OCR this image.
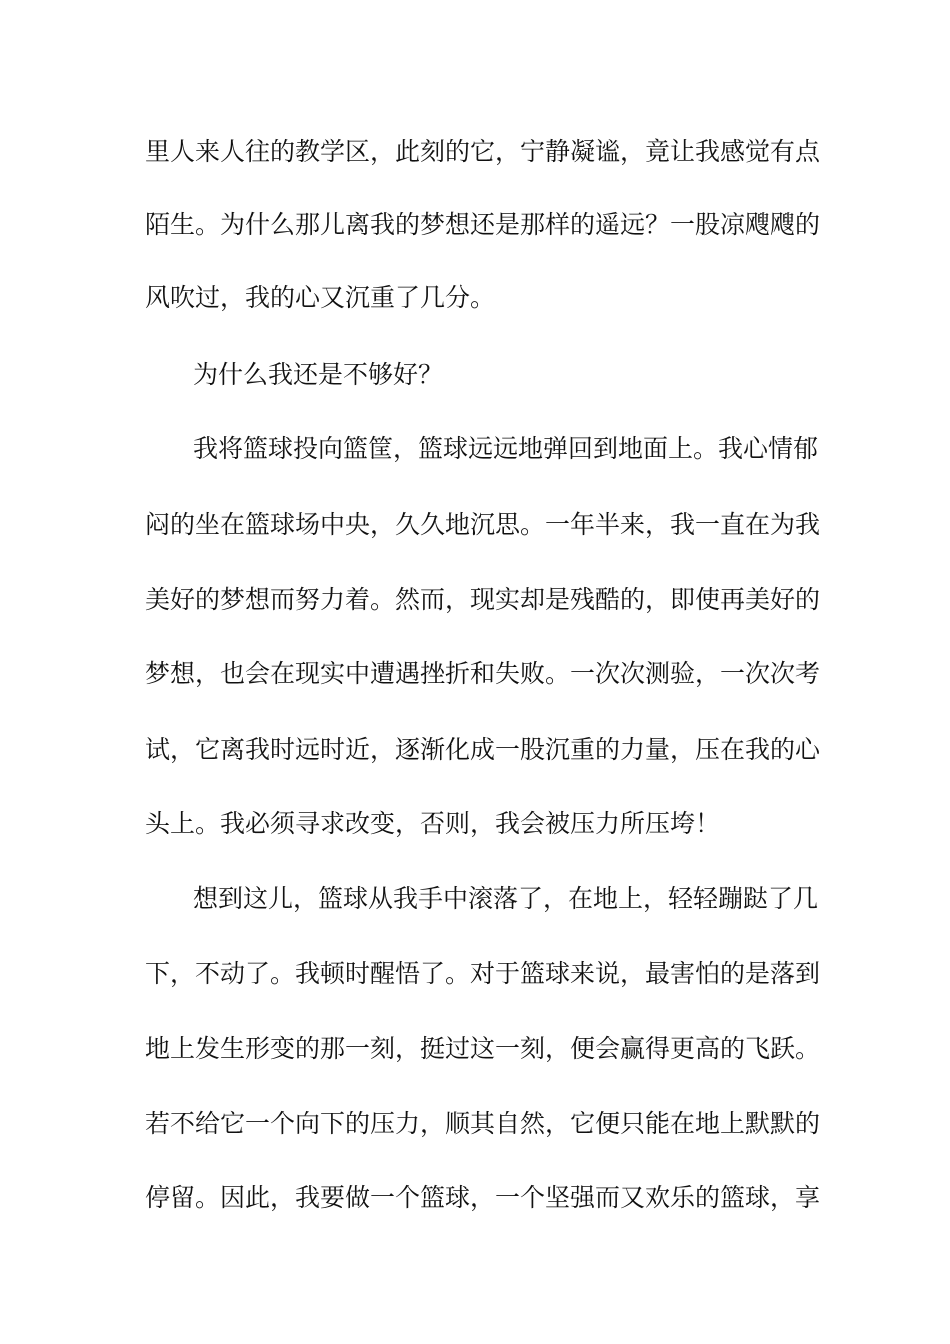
里人来人往的教学区，此刻的它，宁静凝谧，竟让我感觉有点
陌生。为什么那儿离我的梦想还是那样的遥远？一股凉飕飕的
风吹过，我的心又沉重了几分。
为什么我还是不够好？
我将篮球投向篮筐，篮球远远地弹回到地面上。我心情郁
闷的坐在篮球场中央，久久地沉思。一年半来，我一直在为我
美好的梦想而努力着。然而，现实却是残酷的，即使再美好的
梦想，也会在现实中遭遇挫折和失败。一次次测验，一次次考
试，它离我时远时近，逐渐化成一股沉重的力量，压在我的心
头上。我必须寻求改变，否则，我会被压力所压垮！
想到这儿，篮球从我手中滚落了，在地上，轻轻蹦跶了几
下，不动了。我顿时醒悟了。对于篮球来说，最害怕的是落到
地上发生形变的那一刻，挺过这一刻，便会赢得更高的飞跃。
若不给它一个向下的压力，顺其自然，它便只能在地上默默的
停留。因此，我要做一个篮球，一个坚强而又欢乐的篮球，享
